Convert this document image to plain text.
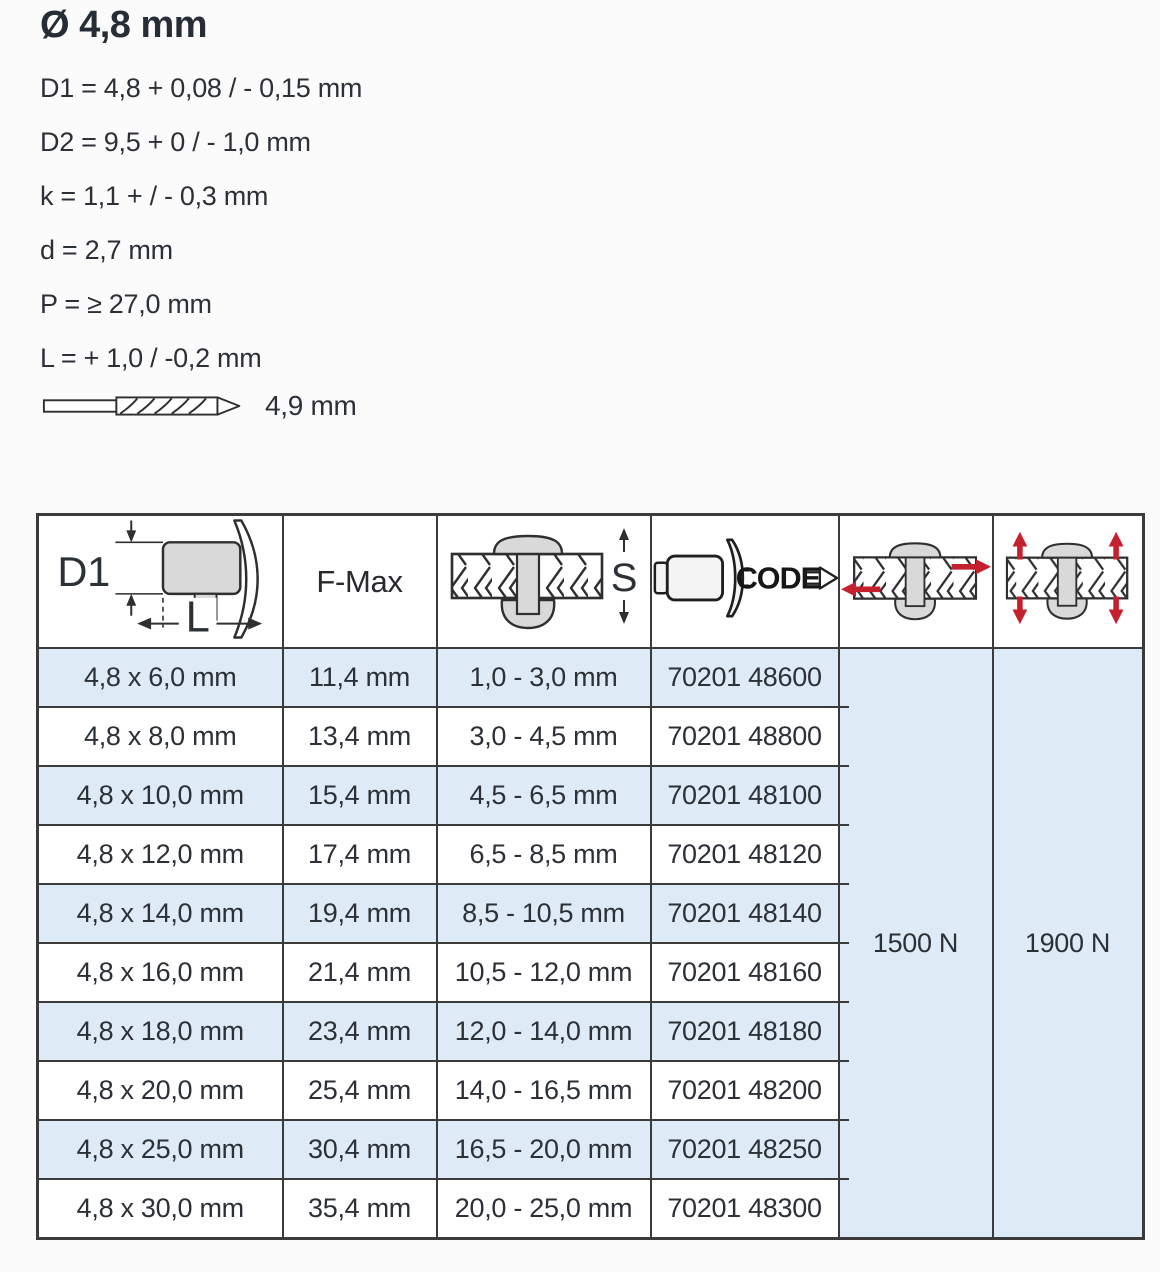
Ø 4,8 mm
D1 = 4,8 + 0,08 / - 0,15 mm
D2 = 9,5 + 0 / - 1,0 mm
k = 1,1 + / - 0,3 mm
d = 2,7 mm
P = ≥ 27,0 mm
L = + 1,0 / -0,2 mm
4,9 mm
L
D1	F-Max	S	CODE

4,8 x 6,0 mm	11,4 mm	1,0 - 3,0 mm	70201 48600	1500 N	1900 N
4,8 x 8,0 mm	13,4 mm	3,0 - 4,5 mm	70201 48800		
4,8 x 10,0 mm	15,4 mm	4,5 - 6,5 mm	70201 48100		
4,8 x 12,0 mm	17,4 mm	6,5 - 8,5 mm	70201 48120		
4,8 x 14,0 mm	19,4 mm	8,5 - 10,5 mm	70201 48140		
4,8 x 16,0 mm	21,4 mm	10,5 - 12,0 mm	70201 48160		
4,8 x 18,0 mm	23,4 mm	12,0 - 14,0 mm	70201 48180		
4,8 x 20,0 mm	25,4 mm	14,0 - 16,5 mm	70201 48200		
4,8 x 25,0 mm	30,4 mm	16,5 - 20,0 mm	70201 48250		
4,8 x 30,0 mm	35,4 mm	20,0 - 25,0 mm	70201 48300		
